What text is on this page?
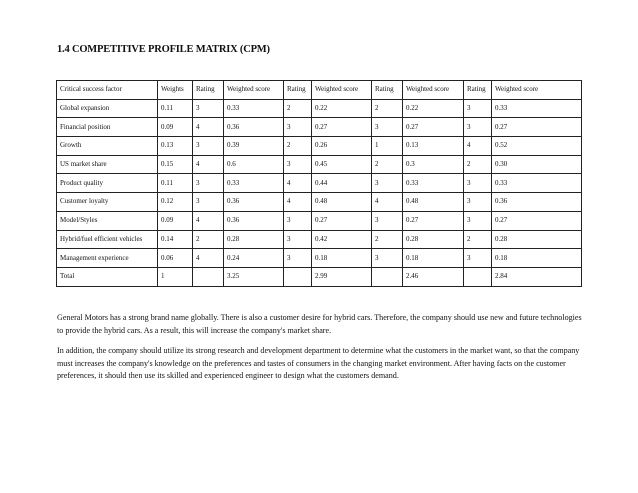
1.4 COMPETITIVE PROFILE MATRIX (CPM)
Critical success factor	Weights	Rating	Weighted score	Rating	Weighted score	Rating	Weighted score	Rating	Weighted score
Global expansion	0.11	3	0.33	2	0.22	2	0.22	3	0.33
Financial position	0.09	4	0.36	3	0.27	3	0.27	3	0.27
Growth	0.13	3	0.39	2	0.26	1	0.13	4	0.52
US market share	0.15	4	0.6	3	0.45	2	0.3	2	0.30
Product quality	0.11	3	0.33	4	0.44	3	0.33	3	0.33
Customer loyalty	0.12	3	0.36	4	0.48	4	0.48	3	0.36
Model/Styles	0.09	4	0.36	3	0.27	3	0.27	3	0.27
Hybrid/fuel efficient vehicles	0.14	2	0.28	3	0.42	2	0.28	2	0.28
Management experience	0.06	4	0.24	3	0.18	3	0.18	3	0.18
Total	1		3.25		2.99		2.46		2.84

General Motors has a strong brand name globally. There is also a customer desire for hybrid cars. Therefore, the company should use new and future technologies to provide the hybrid cars. As a result, this will increase the company's market share.

In addition, the company should utilize its strong research and development department to determine what the customers in the market want, so that the company must increases the company's knowledge on the preferences and tastes of consumers in the changing market environment. After having facts on the customer preferences, it should then use its skilled and experienced engineer to design what the customers demand.
